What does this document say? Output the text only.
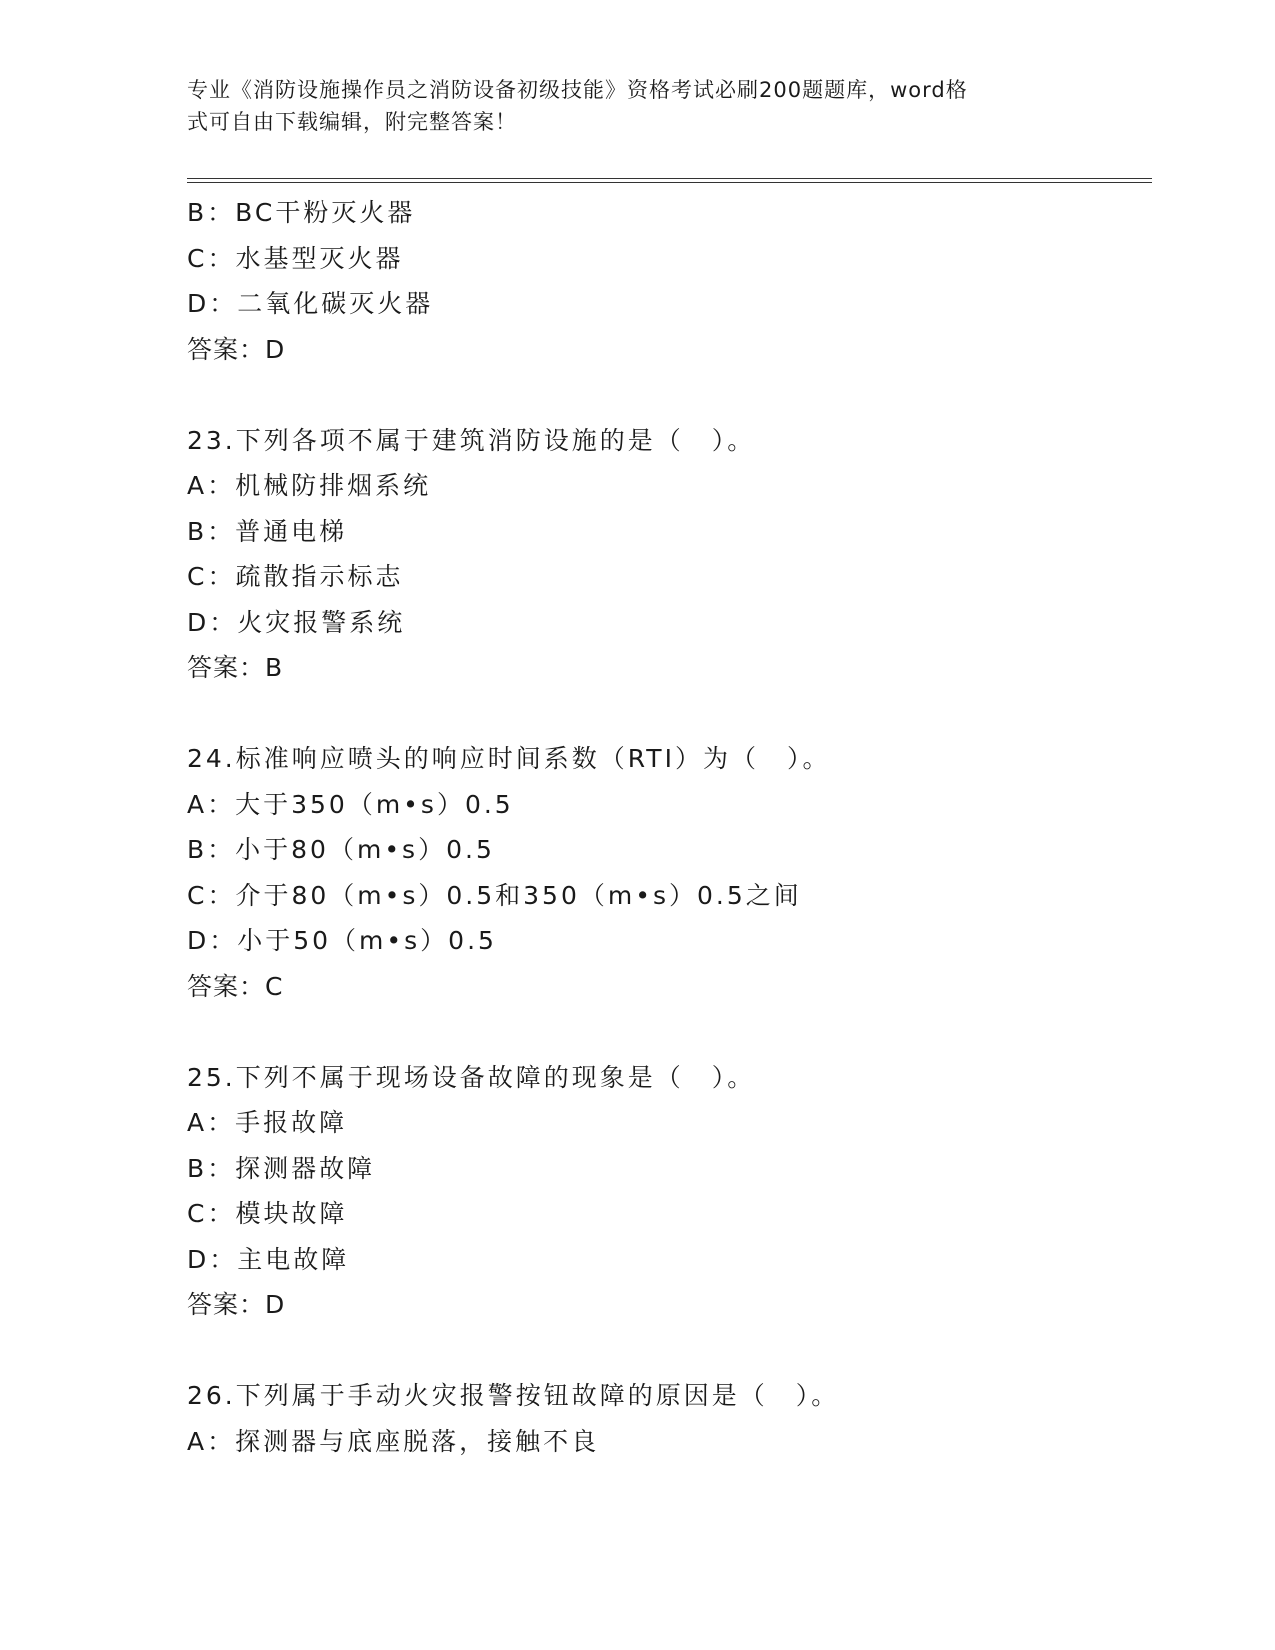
专业《消防设施操作员之消防设备初级技能》资格考试必刷200题题库，word格
式可自由下载编辑，附完整答案！
B：BC干粉灭火器
C：水基型灭火器
D：二氧化碳灭火器
答案：D
23.下列各项不属于建筑消防设施的是（　）。
A：机械防排烟系统
B：普通电梯
C：疏散指示标志
D：火灾报警系统
答案：B
24.标准响应喷头的响应时间系数（RTI）为（　）。
A：大于350（m•s）0.5
B：小于80（m•s）0.5
C：介于80（m•s）0.5和350（m•s）0.5之间
D：小于50（m•s）0.5
答案：C
25.下列不属于现场设备故障的现象是（　）。
A：手报故障
B：探测器故障
C：模块故障
D：主电故障
答案：D
26.下列属于手动火灾报警按钮故障的原因是（　）。
A：探测器与底座脱落，接触不良
